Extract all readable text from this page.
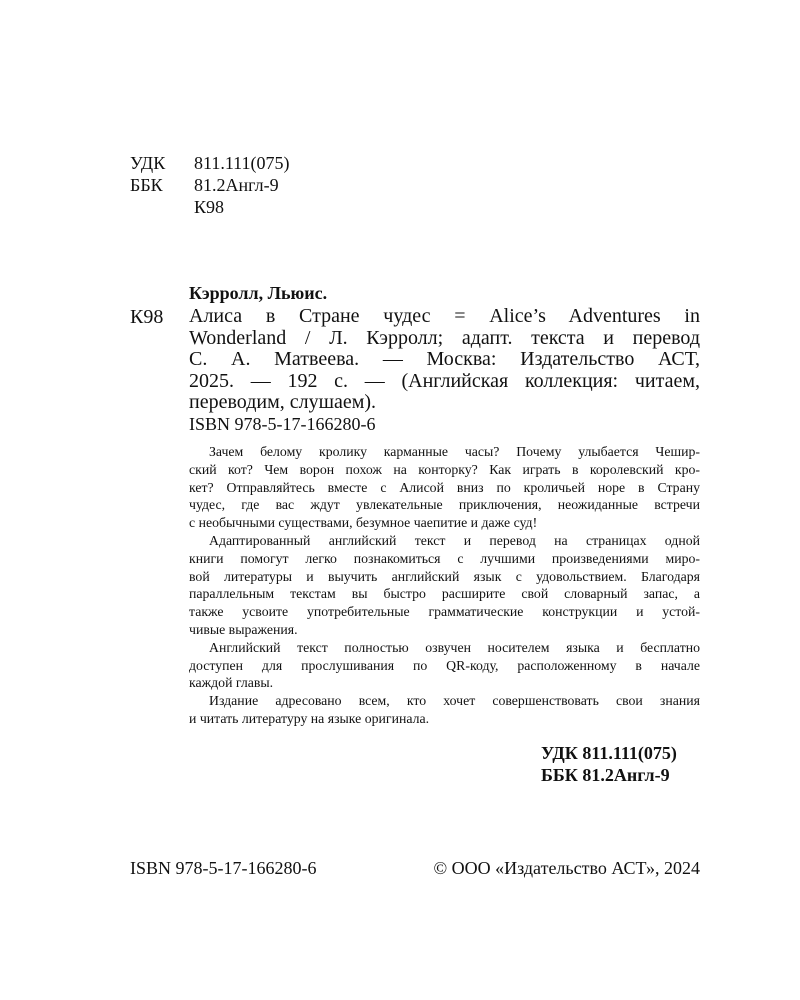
УДК 811.111(075)
ББК 81.2Англ-9
К98
Кэрролл, Льюис.
К98 Алиса в Стране чудес = Alice’s Adventures in
Wonderland / Л. Кэрролл; адапт. текста и перевод
С. А. Матвеева. — Москва: Издательство АСТ,
2025. — 192 с. — (Английская коллекция: читаем,
переводим, слушаем).
ISBN 978-5-17-166280-6
Зачем белому кролику карманные часы? Почему улыбается Чешир-
ский кот? Чем ворон похож на конторку? Как играть в королевский кро-
кет? Отправляйтесь вместе с Алисой вниз по кроличьей норе в Страну
чудес, где вас ждут увлекательные приключения, неожиданные встречи
с необычными существами, безумное чаепитие и даже суд!
Адаптированный английский текст и перевод на страницах одной
книги помогут легко познакомиться с лучшими произведениями миро-
вой литературы и выучить английский язык с удовольствием. Благодаря
параллельным текстам вы быстро расширите свой словарный запас, а
также усвоите употребительные грамматические конструкции и устой-
чивые выражения.
Английский текст полностью озвучен носителем языка и бесплатно
доступен для прослушивания по QR-коду, расположенному в начале
каждой главы.
Издание адресовано всем, кто хочет совершенствовать свои знания
и читать литературу на языке оригинала.
УДК 811.111(075)
ББК 81.2Англ-9
ISBN 978-5-17-166280-6	© ООО «Издательство АСТ», 2024
